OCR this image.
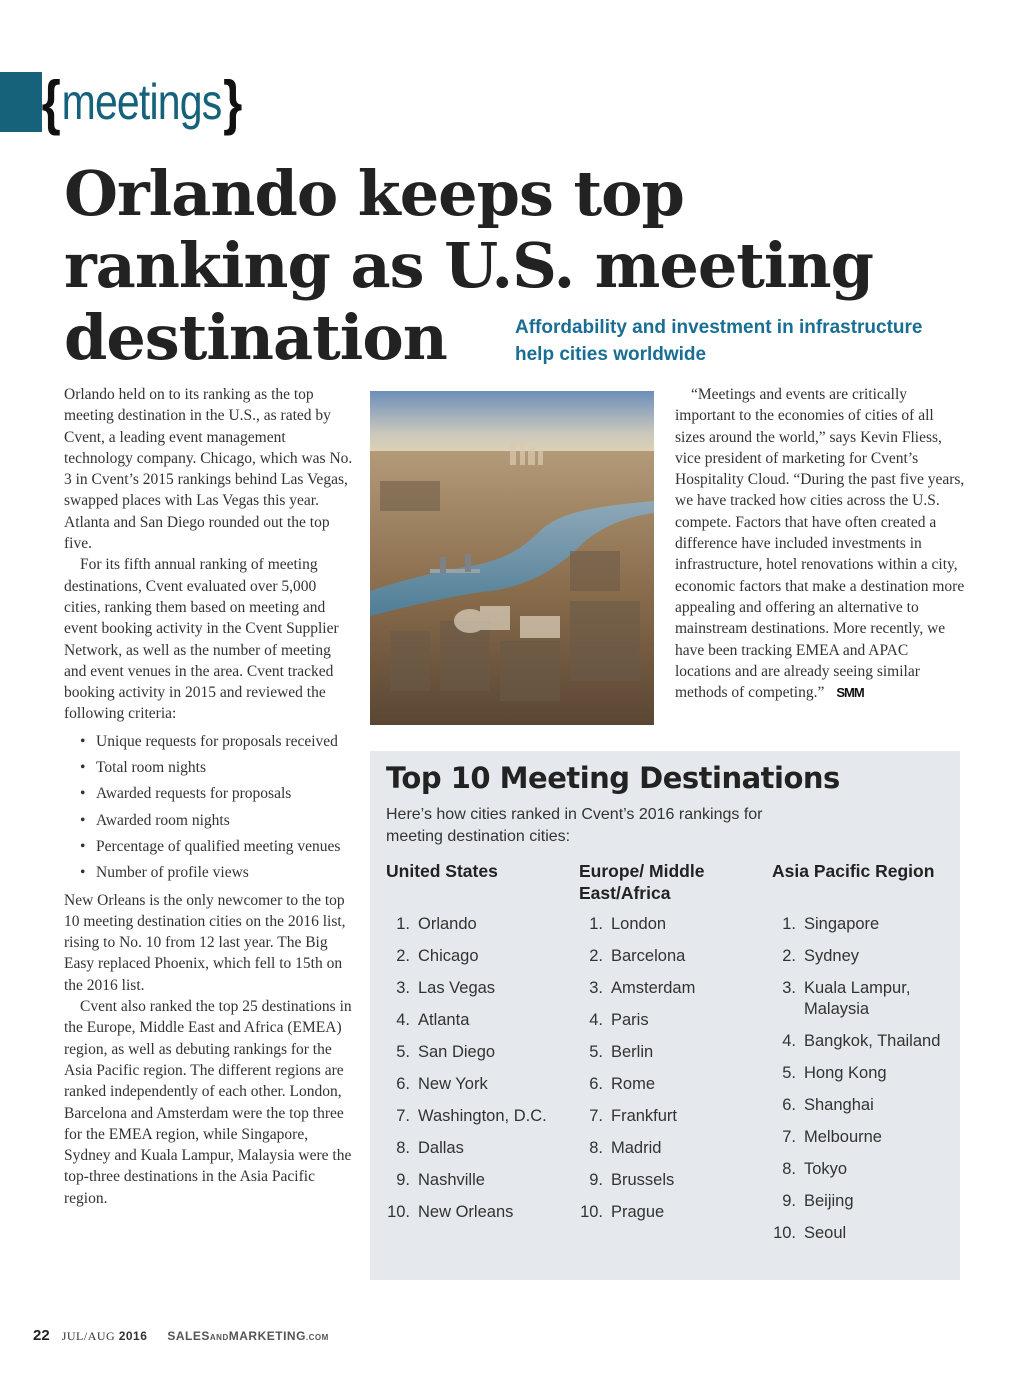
{ meetings }
Orlando keeps top ranking as U.S. meeting destination	Affordability and investment in infrastructure help cities worldwide

Orlando held on to its ranking as the top meeting destination in the U.S., as rated by Cvent, a leading event management technology company. Chicago, which was No. 3 in Cvent’s 2015 rankings behind Las Vegas, swapped places with Las Vegas this year. Atlanta and San Diego rounded out the top five.

For its fifth annual ranking of meeting destinations, Cvent evaluated over 5,000 cities, ranking them based on meeting and event booking activity in the Cvent Supplier Network, as well as the number of meeting and event venues in the area. Cvent tracked booking activity in 2015 and reviewed the following criteria:

• Unique requests for proposals received
• Total room nights
• Awarded requests for proposals
• Awarded room nights
• Percentage of qualified meeting venues
• Number of profile views

New Orleans is the only newcomer to the top 10 meeting destination cities on the 2016 list, rising to No. 10 from 12 last year. The Big Easy replaced Phoenix, which fell to 15th on the 2016 list.

Cvent also ranked the top 25 destinations in the Europe, Middle East and Africa (EMEA) region, as well as debuting rankings for the Asia Pacific region. The different regions are ranked independently of each other. London, Barcelona and Amsterdam were the top three for the EMEA region, while Singapore, Sydney and Kuala Lampur, Malaysia were the top-three destinations in the Asia Pacific region.

“Meetings and events are critically important to the economies of cities of all sizes around the world,” says Kevin Fliess, vice president of marketing for Cvent’s Hospitality Cloud. “During the past five years, we have tracked how cities across the U.S. compete. Factors that have often created a difference have included investments in infrastructure, hotel renovations within a city, economic factors that make a destination more appealing and offering an alternative to mainstream destinations. More recently, we have been tracking EMEA and APAC locations and are already seeing similar methods of competing.” SMM

Top 10 Meeting Destinations
Here’s how cities ranked in Cvent’s 2016 rankings for meeting destination cities:
United States
1. Orlando
2. Chicago
3. Las Vegas
4. Atlanta
5. San Diego
6. New York
7. Washington, D.C.
8. Dallas
9. Nashville
10. New Orleans
Europe/ Middle East/Africa
1. London
2. Barcelona
3. Amsterdam
4. Paris
5. Berlin
6. Rome
7. Frankfurt
8. Madrid
9. Brussels
10. Prague
Asia Pacific Region
1. Singapore
2. Sydney
3. Kuala Lampur, Malaysia
4. Bangkok, Thailand
5. Hong Kong
6. Shanghai
7. Melbourne
8. Tokyo
9. Beijing
10. Seoul
22 JUL/AUG 2016 SALESANDMARKETING.COM
